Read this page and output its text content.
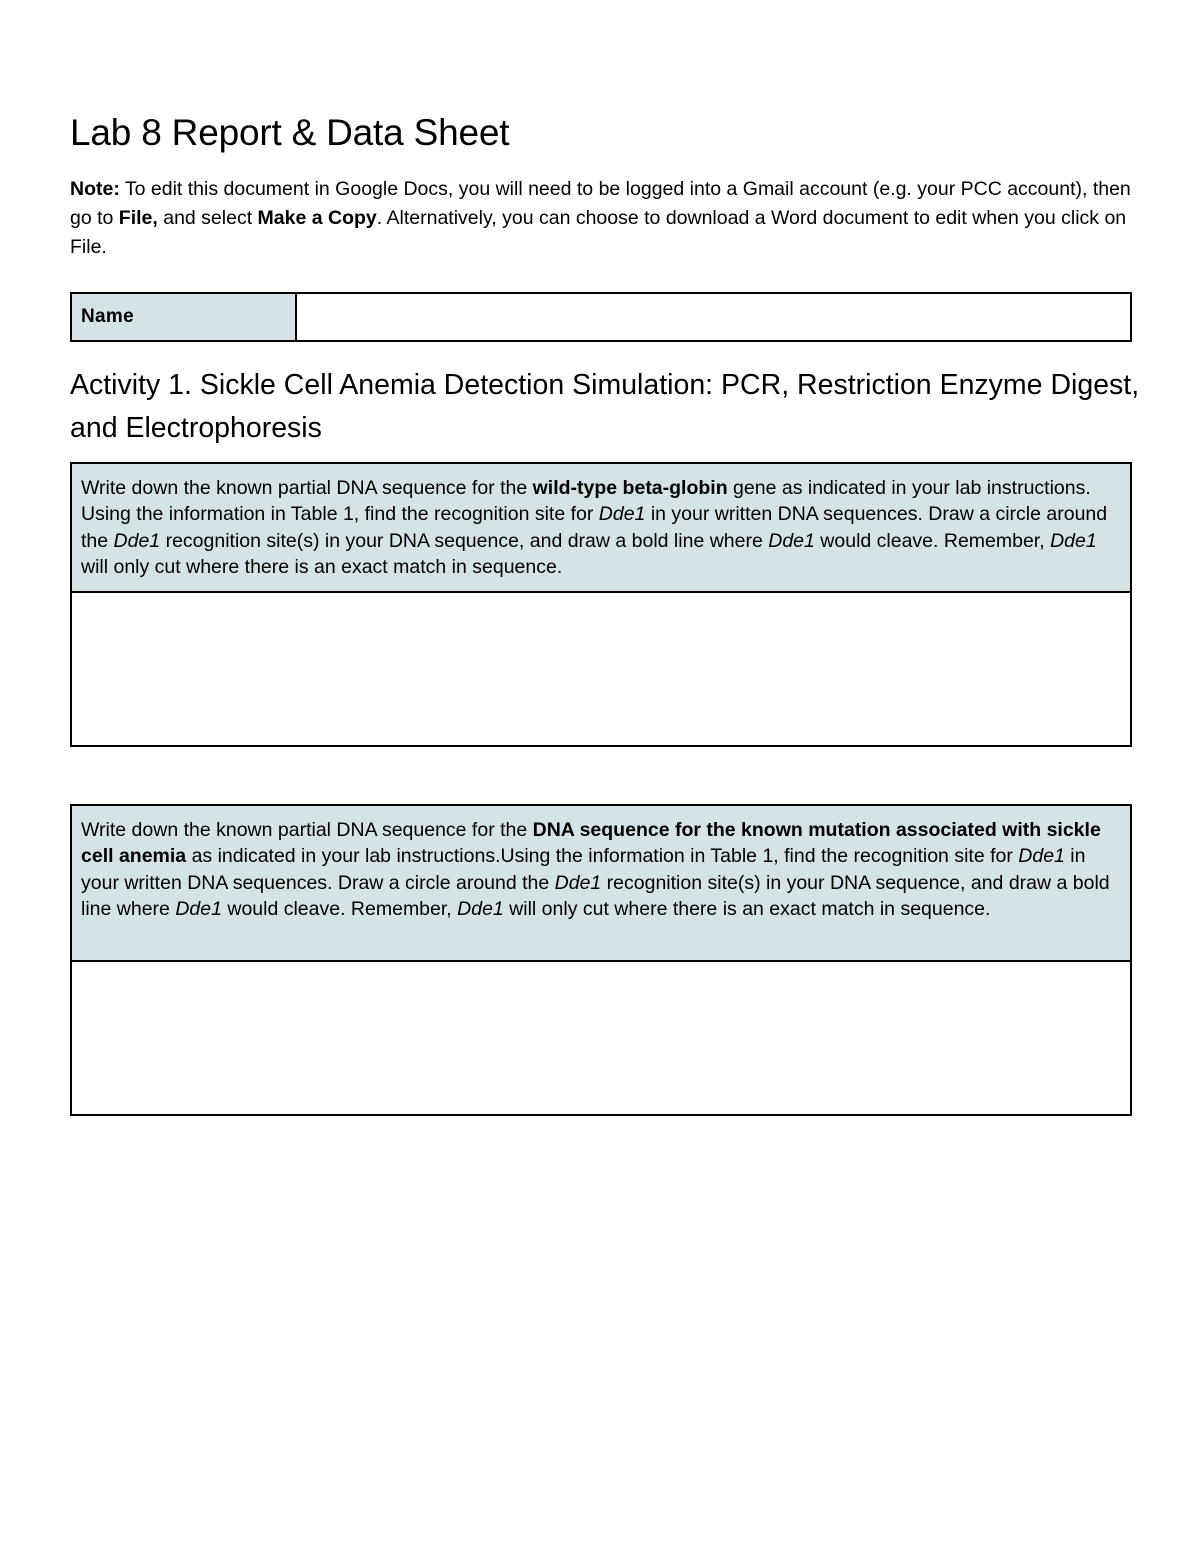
Lab 8 Report & Data Sheet

Note: To edit this document in Google Docs, you will need to be logged into a Gmail account (e.g. your PCC account), then go to File, and select Make a Copy. Alternatively, you can choose to download a Word document to edit when you click on File.

Name
Activity 1. Sickle Cell Anemia Detection Simulation: PCR, Restriction Enzyme Digest, and Electrophoresis
Write down the known partial DNA sequence for the wild-type beta-globin gene as indicated in your lab instructions. Using the information in Table 1, find the recognition site for Dde1 in your written DNA sequences. Draw a circle around the Dde1 recognition site(s) in your DNA sequence, and draw a bold line where Dde1 would cleave. Remember, Dde1 will only cut where there is an exact match in sequence.
Write down the known partial DNA sequence for the DNA sequence for the known mutation associated with sickle cell anemia as indicated in your lab instructions.Using the information in Table 1, find the recognition site for Dde1 in your written DNA sequences. Draw a circle around the Dde1 recognition site(s) in your DNA sequence, and draw a bold line where Dde1 would cleave. Remember, Dde1 will only cut where there is an exact match in sequence.
